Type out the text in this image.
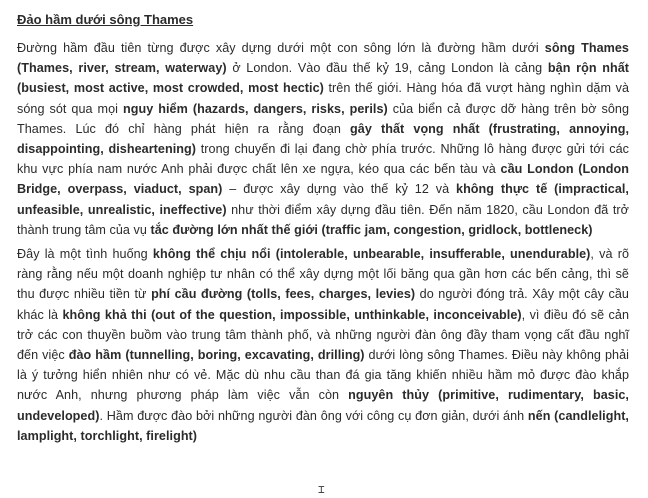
Đảo hầm dưới sông Thames

Đường hầm đầu tiên từng được xây dựng dưới một con sông lớn là đường hầm dưới sông Thames (Thames, river, stream, waterway) ở London. Vào đầu thế kỷ 19, cảng London là cảng bận rộn nhất (busiest, most active, most crowded, most hectic) trên thế giới. Hàng hóa đã vượt hàng nghìn dặm và sóng sót qua mọi nguy hiểm (hazards, dangers, risks, perils) của biển cả được dỡ hàng trên bờ sông Thames. Lúc đó chỉ hàng phát hiện ra rằng đoạn gây thất vọng nhất (frustrating, annoying, disappointing, disheartening) trong chuyến đi lại đang chờ phía trước. Những lô hàng được gửi tới các khu vực phía nam nước Anh phải được chất lên xe ngựa, kéo qua các bến tàu và cầu London (London Bridge, overpass, viaduct, span) – được xây dựng vào thế kỷ 12 và không thực tế (impractical, unfeasible, unrealistic, ineffective) như thời điểm xây dựng đầu tiên. Đến năm 1820, cầu London đã trở thành trung tâm của vụ tắc đường lớn nhất thế giới (traffic jam, congestion, gridlock, bottleneck)

Đây là một tình huống không thể chịu nổi (intolerable, unbearable, insufferable, unendurable), và rõ ràng rằng nếu một doanh nghiệp tư nhân có thể xây dựng một lối băng qua gần hơn các bến cảng, thì sẽ thu được nhiều tiền từ phí cầu đường (tolls, fees, charges, levies) do người đóng trả. Xây một cây cầu khác là không khả thi (out of the question, impossible, unthinkable, inconceivable), vì điều đó sẽ cản trở các con thuyền buồm vào trung tâm thành phố, và những người đàn ông đầy tham vọng cất đầu nghĩ đến việc đào hầm (tunnelling, boring, excavating, drilling) dưới lòng sông Thames. Điều này không phải là ý tưởng hiển nhiên như có vẻ. Mặc dù nhu cầu than đá gia tăng khiến nhiều hầm mỏ được đào khắp nước Anh, nhưng phương pháp làm việc vẫn còn nguyên thủy (primitive, rudimentary, basic, undeveloped). Hầm được đào bởi những người đàn ông với công cụ đơn giản, dưới ánh nến (candlelight, lamplight, torchlight, firelight)

⌶
